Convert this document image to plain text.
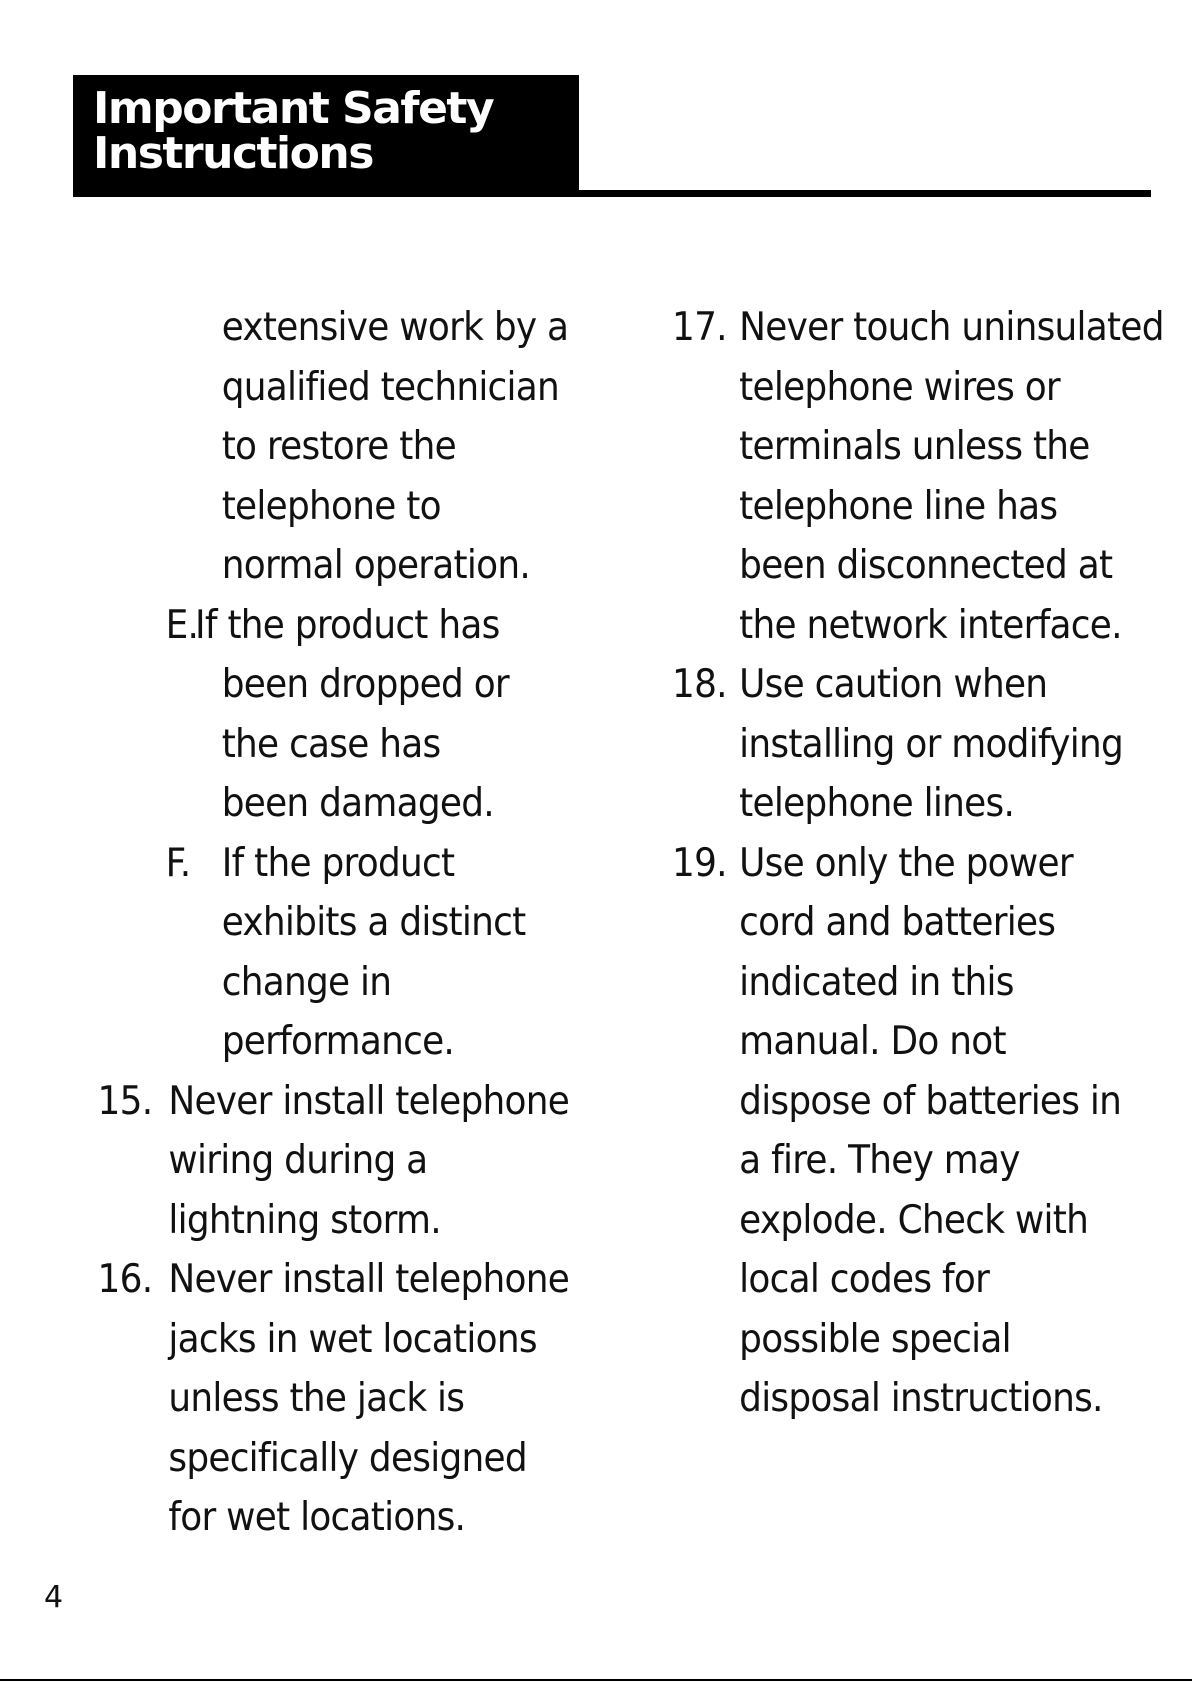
Important Safety
Instructions
extensive work by a
qualified technician
to restore the
telephone to
normal operation.
E.
If the product has
been dropped or
the case has
been damaged.
F. If the product
exhibits a distinct
change in
performance.
15. Never install telephone
wiring during a
lightning storm.
16. Never install telephone
jacks in wet locations
unless the jack is
specifically designed
for wet locations.
17. Never touch uninsulated
telephone wires or
terminals unless the
telephone line has
been disconnected at
the network interface.
18. Use caution when
installing or modifying
telephone lines.
19. Use only the power
cord and batteries
indicated in this
manual. Do not
dispose of batteries in
a fire. They may
explode. Check with
local codes for
possible special
disposal instructions.
4
